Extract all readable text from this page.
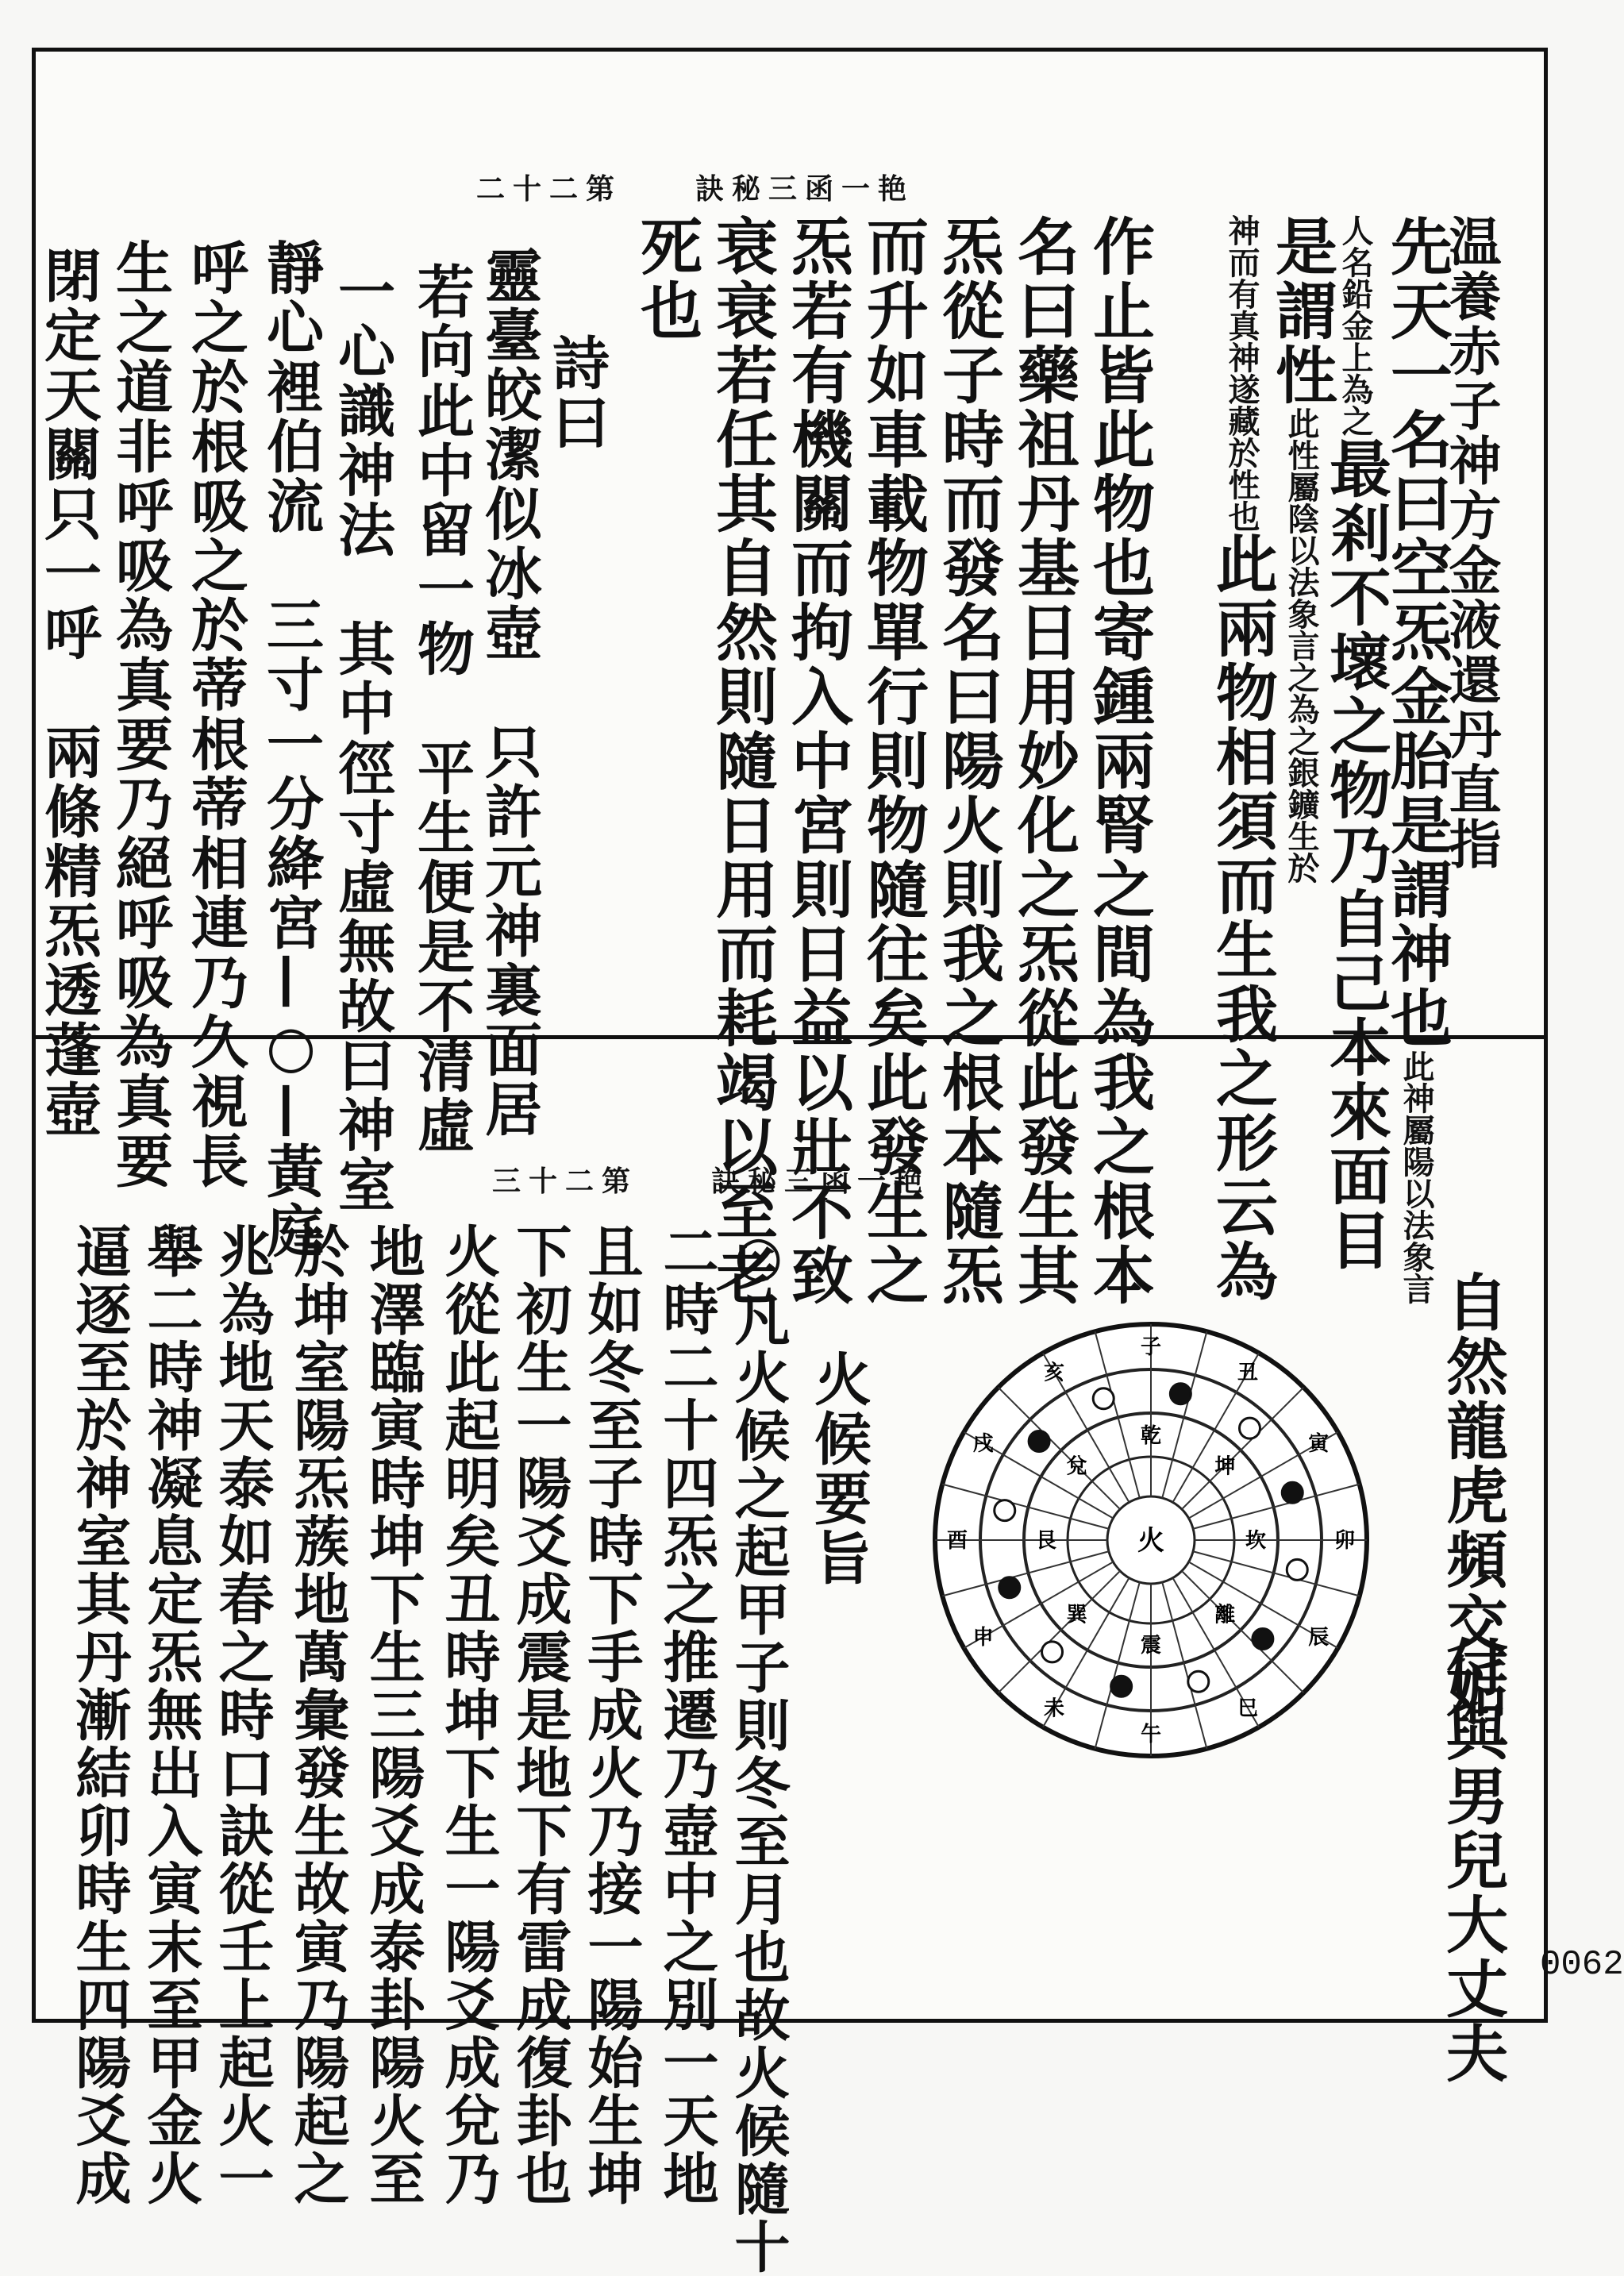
二十二第　　訣秘三函一艳
三十二第　　訣秘三函一艳
温養赤子神方金液還丹直指
先天一名曰空炁金胎是謂神也此神屬陽以法象言
人名鉛金上為之最剎不壞之物乃自己本來面目
是謂性此性屬陰以法象言之為之銀鑛生於
神而有真神遂藏於性也此兩物相須而生我之形云為
作止皆此物也寄鍾兩腎之間為我之根本
名曰藥祖丹基日用妙化之炁從此發生其
炁從子時而發名曰陽火則我之根本隨炁
而升如車載物單行則物隨往矣此發生之
炁若有機關而拘入中宮則日益以壯不致
衰衰若任其自然則隨日用而耗竭以至老
死也
詩曰
靈臺皎潔似冰壺　只許元神裏面居
若向此中留一物　平生便是不清虛
一心識神法　其中徑寸虛無故曰神室
靜心裡伯流　三寸一分絳宮—○—黃庭
呼之於根吸之於蒂根蒂相連乃久視長
生之道非呼吸為真要乃絕呼吸為真要
閉定天關只一呼　兩條精炁透蓬壺
自然龍虎頻交姤
付與男兒大丈夫
火候要旨
○凡火候之起甲子則冬至月也故火候隨十
二時二十四炁之推遷乃壺中之別一天地
且如冬至子時下手成火乃接一陽始生坤
下初生一陽爻成震是地下有雷成復卦也
火從此起明矣丑時坤下生一陽爻成兌乃
地澤臨寅時坤下生三陽爻成泰卦陽火至
於坤室陽炁蔟地萬彙發生故寅乃陽起之
兆為地天泰如春之時口訣從壬上起火一
舉二時神凝息定炁無出入寅末至甲金火
逼逐至於神室其丹漸結卯時生四陽爻成	乾
坤
坎
離
震
巽
艮
兌
子
丑
寅
卯
辰
巳
午
未
申
酉
戌
亥
火
0062
